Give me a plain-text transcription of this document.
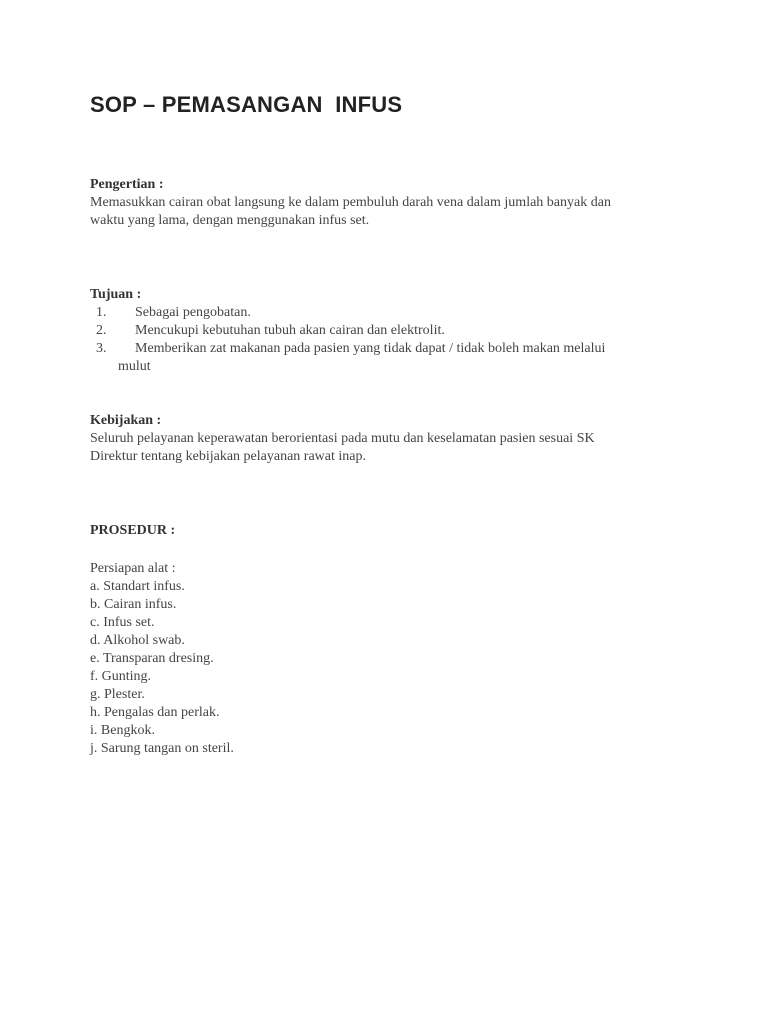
SOP – PEMASANGAN  INFUS
Pengertian :

Memasukkan cairan obat langsung ke dalam pembuluh darah vena dalam jumlah banyak dan

waktu yang lama, dengan menggunakan infus set.

Tujuan :
1. Sebagai pengobatan.
2. Mencukupi kebutuhan tubuh akan cairan dan elektrolit.
3. Memberikan zat makanan pada pasien yang tidak dapat / tidak boleh makan melalui
mulut
Kebijakan :

Seluruh pelayanan keperawatan berorientasi pada mutu dan keselamatan pasien sesuai SK

Direktur tentang kebijakan pelayanan rawat inap.

PROSEDUR :
Persiapan alat :
a. Standart infus.
b. Cairan infus.
c. Infus set.
d. Alkohol swab.
e. Transparan dresing.
f. Gunting.
g. Plester.
h. Pengalas dan perlak.
i. Bengkok.
j. Sarung tangan on steril.
